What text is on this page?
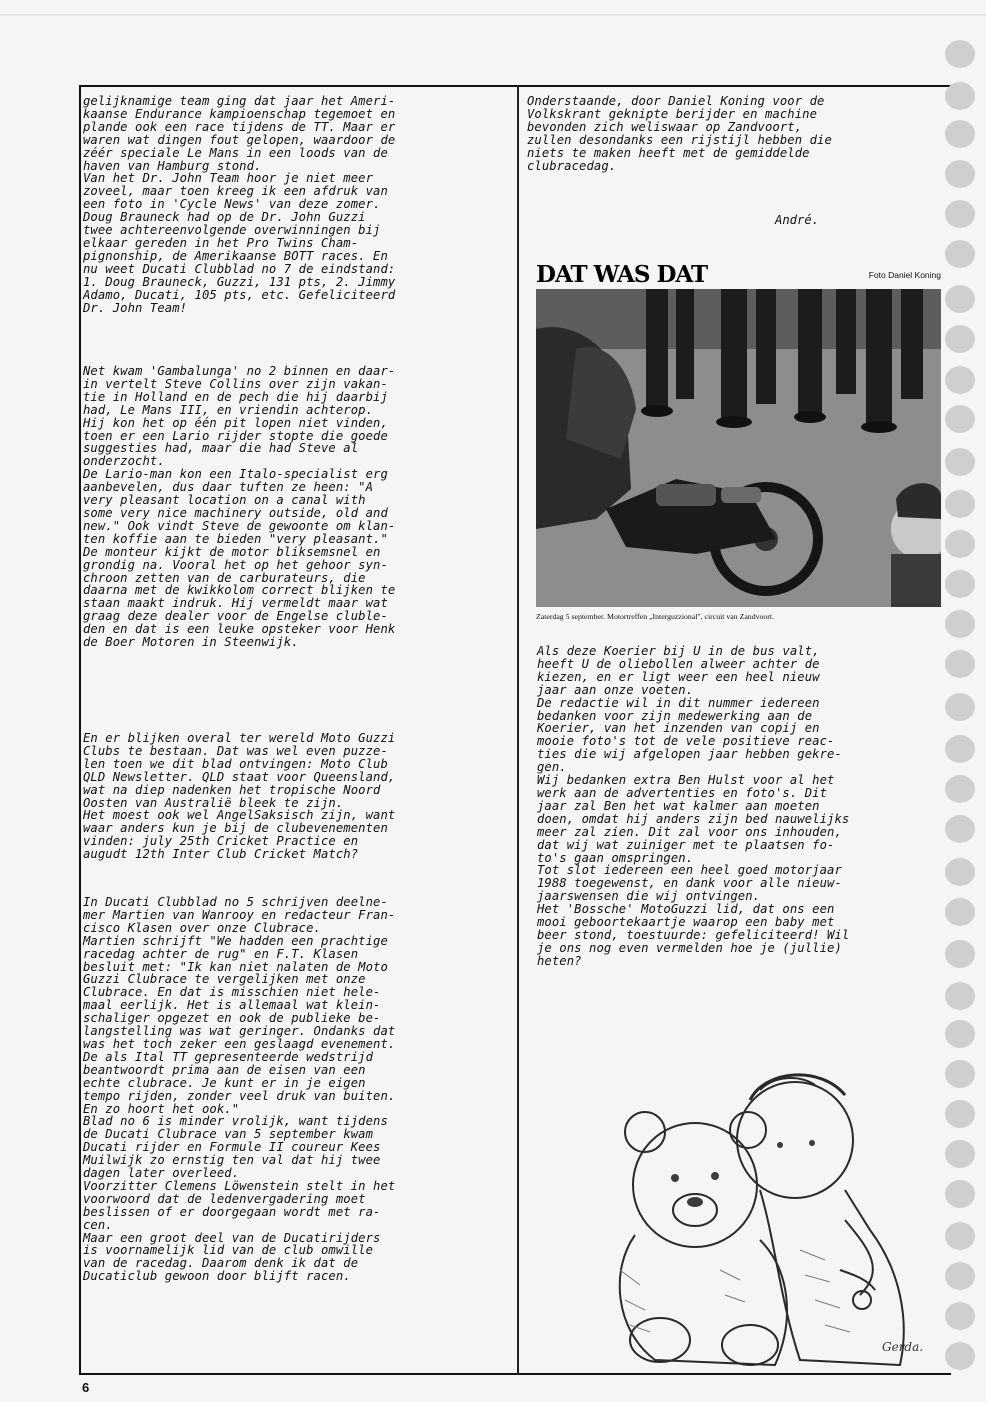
gelijknamige team ging dat jaar het Ameri-
kaanse Endurance kampioenschap tegemoet en
plande ook een race tijdens de TT. Maar er
waren wat dingen fout gelopen, waardoor de
zéér speciale Le Mans in een loods van de
haven van Hamburg stond.
Van het Dr. John Team hoor je niet meer
zoveel, maar toen kreeg ik een afdruk van
een foto in 'Cycle News' van deze zomer.
Doug Brauneck had op de Dr. John Guzzi
twee achtereenvolgende overwinningen bij
elkaar gereden in het Pro Twins Cham-
pignonship, de Amerikaanse BOTT races. En
nu weet Ducati Clubblad no 7 de eindstand:
1. Doug Brauneck, Guzzi, 131 pts, 2. Jimmy
Adamo, Ducati, 105 pts, etc. Gefeliciteerd
Dr. John Team!
Net kwam 'Gambalunga' no 2 binnen en daar-
in vertelt Steve Collins over zijn vakan-
tie in Holland en de pech die hij daarbij
had, Le Mans III, en vriendin achterop.
Hij kon het op één pit lopen niet vinden,
toen er een Lario rijder stopte die goede
suggesties had, maar die had Steve al
onderzocht.
De Lario-man kon een Italo-specialist erg
aanbevelen, dus daar tuften ze heen: "A
very pleasant location on a canal with
some very nice machinery outside, old and
new." Ook vindt Steve de gewoonte om klan-
ten koffie aan te bieden "very pleasant."
De monteur kijkt de motor bliksemsnel en
grondig na. Vooral het op het gehoor syn-
chroon zetten van de carburateurs, die
daarna met de kwikkolom correct blijken te
staan maakt indruk. Hij vermeldt maar wat
graag deze dealer voor de Engelse cluble-
den en dat is een leuke opsteker voor Henk
de Boer Motoren in Steenwijk.
En er blijken overal ter wereld Moto Guzzi
Clubs te bestaan. Dat was wel even puzze-
len toen we dit blad ontvingen: Moto Club
QLD Newsletter. QLD staat voor Queensland,
wat na diep nadenken het tropische Noord
Oosten van Australië bleek te zijn.
Het moest ook wel AngelSaksisch zijn, want
waar anders kun je bij de clubevenementen
vinden: july 25th Cricket Practice en
augudt 12th Inter Club Cricket Match?
In Ducati Clubblad no 5 schrijven deelne-
mer Martien van Wanrooy en redacteur Fran-
cisco Klasen over onze Clubrace.
Martien schrijft "We hadden een prachtige
racedag achter de rug" en F.T. Klasen
besluit met: "Ik kan niet nalaten de Moto
Guzzi Clubrace te vergelijken met onze
Clubrace. En dat is misschien niet hele-
maal eerlijk. Het is allemaal wat klein-
schaliger opgezet en ook de publieke be-
langstelling was wat geringer. Ondanks dat
was het toch zeker een geslaagd evenement.
De als Ital TT gepresenteerde wedstrijd
beantwoordt prima aan de eisen van een
echte clubrace. Je kunt er in je eigen
tempo rijden, zonder veel druk van buiten.
En zo hoort het ook."
Blad no 6 is minder vrolijk, want tijdens
de Ducati Clubrace van 5 september kwam
Ducati rijder en Formule II coureur Kees
Muilwijk zo ernstig ten val dat hij twee
dagen later overleed.
Voorzitter Clemens Löwenstein stelt in het
voorwoord dat de ledenvergadering moet
beslissen of er doorgegaan wordt met ra-
cen.
Maar een groot deel van de Ducatirijders
is voornamelijk lid van de club omwille
van de racedag. Daarom denk ik dat de
Ducaticlub gewoon door blijft racen.
Onderstaande, door Daniel Koning voor de
Volkskrant geknipte berijder en machine
bevonden zich weliswaar op Zandvoort,
zullen desondanks een rijstijl hebben die
niets te maken heeft met de gemiddelde
clubracedag.
André.
DAT WAS DAT	Foto Daniel Koning
Zaterdag 5 september. Motortreffen „Interguzzional", circuit van Zandvoort.
Als deze Koerier bij U in de bus valt,
heeft U de oliebollen alweer achter de
kiezen, en er ligt weer een heel nieuw
jaar aan onze voeten.
De redactie wil in dit nummer iedereen
bedanken voor zijn medewerking aan de
Koerier, van het inzenden van copij en
mooie foto's tot de vele positieve reac-
ties die wij afgelopen jaar hebben gekre-
gen.
Wij bedanken extra Ben Hulst voor al het
werk aan de advertenties en foto's. Dit
jaar zal Ben het wat kalmer aan moeten
doen, omdat hij anders zijn bed nauwelijks
meer zal zien. Dit zal voor ons inhouden,
dat wij wat zuiniger met te plaatsen fo-
to's gaan omspringen.
Tot slot iedereen een heel goed motorjaar
1988 toegewenst, en dank voor alle nieuw-
jaarswensen die wij ontvingen.
Het 'Bossche' MotoGuzzi lid, dat ons een
mooi geboortekaartje waarop een baby met
beer stond, toestuurde: gefeliciteerd! Wil
je ons nog even vermelden hoe je (jullie)
heten?
Gerda.
6
